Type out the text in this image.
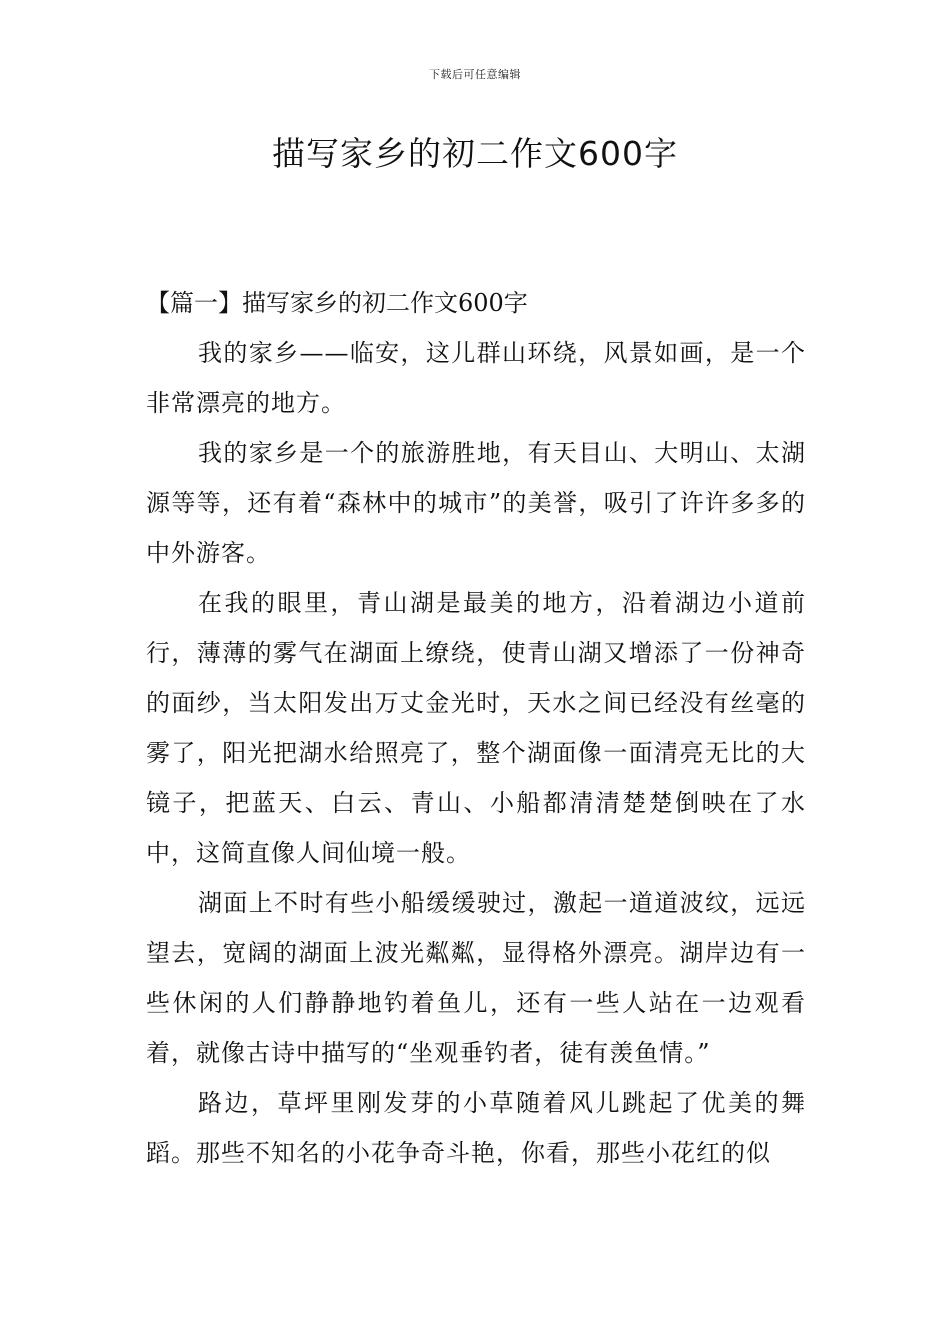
下载后可任意编辑
描写家乡的初二作文600字

【篇一】描写家乡的初二作文600字

我的家乡——临安，这儿群山环绕，风景如画，是一个非常漂亮的地方。

我的家乡是一个的旅游胜地，有天目山、大明山、太湖源等等，还有着“森林中的城市”的美誉，吸引了许许多多的中外游客。

在我的眼里，青山湖是最美的地方，沿着湖边小道前行，薄薄的雾气在湖面上缭绕，使青山湖又增添了一份神奇的面纱，当太阳发出万丈金光时，天水之间已经没有丝毫的雾了，阳光把湖水给照亮了，整个湖面像一面清亮无比的大镜子，把蓝天、白云、青山、小船都清清楚楚倒映在了水中，这简直像人间仙境一般。

湖面上不时有些小船缓缓驶过，激起一道道波纹，远远望去，宽阔的湖面上波光粼粼，显得格外漂亮。湖岸边有一些休闲的人们静静地钓着鱼儿，还有一些人站在一边观看着，就像古诗中描写的“坐观垂钓者，徒有羡鱼情。”

路边，草坪里刚发芽的小草随着风儿跳起了优美的舞蹈。那些不知名的小花争奇斗艳，你看，那些小花红的似
